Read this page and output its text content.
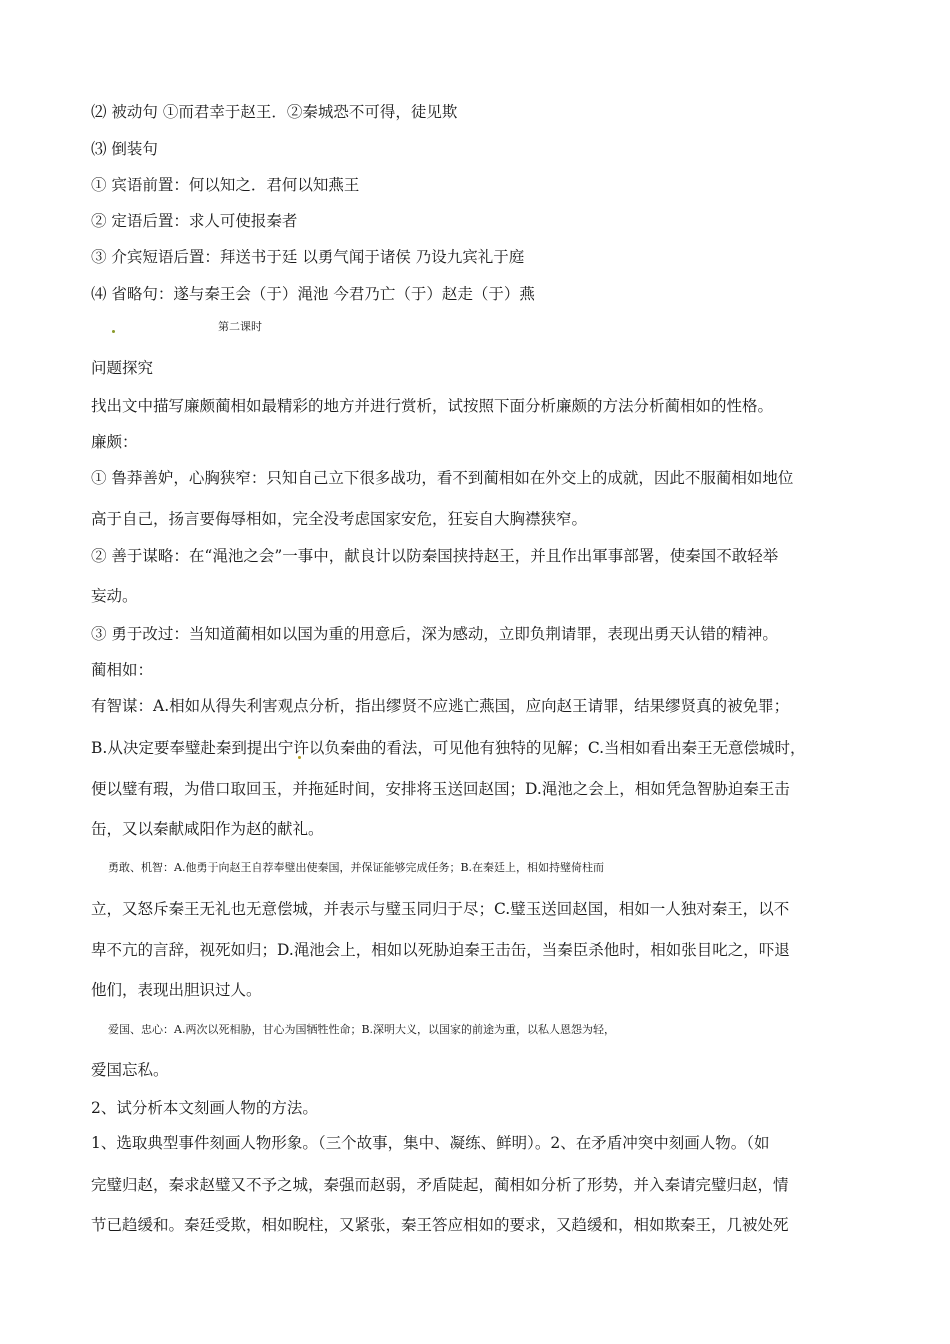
⑵ 被动句 ①而君幸于赵王．②秦城恐不可得，徒见欺
⑶ 倒装句
① 宾语前置：何以知之．君何以知燕王
② 定语后置：求人可使报秦者
③ 介宾短语后置：拜送书于廷 以勇气闻于诸侯 乃设九宾礼于庭
⑷ 省略句：遂与秦王会（于）渑池 今君乃亡（于）赵走（于）燕
第二课时
问题探究
找出文中描写廉颇蔺相如最精彩的地方并进行赏析，试按照下面分析廉颇的方法分析蔺相如的性格。
廉颇：
① 鲁莽善妒，心胸狭窄：只知自己立下很多战功，看不到蔺相如在外交上的成就，因此不服蔺相如地位
高于自己，扬言要侮辱相如，完全没考虑国家安危，狂妄自大胸襟狭窄。
② 善于谋略：在“渑池之会”一事中，献良计以防秦国挟持赵王，并且作出軍事部署，使秦国不敢轻举
妄动。
③ 勇于改过：当知道蔺相如以国为重的用意后，深为感动，立即负荆请罪，表现出勇天认错的精神。
蔺相如：
有智谋：A.相如从得失利害观点分析，指出缪贤不应逃亡燕国，应向赵王请罪，结果缪贤真的被免罪；
B.从决定要奉璧赴秦到提出宁许以负秦曲的看法，可见他有独特的见解；C.当相如看出秦王无意偿城时，
便以璧有瑕，为借口取回玉，并拖延时间，安排将玉送回赵国；D.渑池之会上，相如凭急智胁迫秦王击
缶，又以秦献咸阳作为赵的献礼。
勇敢、机智：A.他勇于向赵王自荐奉璧出使秦国，并保证能够完成任务；B.在秦廷上，相如持璧倚柱而
立，又怒斥秦王无礼也无意偿城，并表示与璧玉同归于尽；C.璧玉送回赵国，相如一人独对秦王，以不
卑不亢的言辞，视死如归；D.渑池会上，相如以死胁迫秦王击缶，当秦臣杀他时，相如张目叱之，吓退
他们，表现出胆识过人。
爱国、忠心：A.两次以死相胁，甘心为国牺牲性命；B.深明大义，以国家的前途为重，以私人恩怨为轻，
爱国忘私。
2、试分析本文刻画人物的方法。
1、选取典型事件刻画人物形象。（三个故事，集中、凝练、鲜明）。2、在矛盾冲突中刻画人物。（如
完璧归赵，秦求赵璧又不予之城，秦强而赵弱，矛盾陡起，蔺相如分析了形势，并入秦请完璧归赵，情
节已趋缓和。秦廷受欺，相如睨柱，又紧张，秦王答应相如的要求，又趋缓和，相如欺秦王，几被处死
